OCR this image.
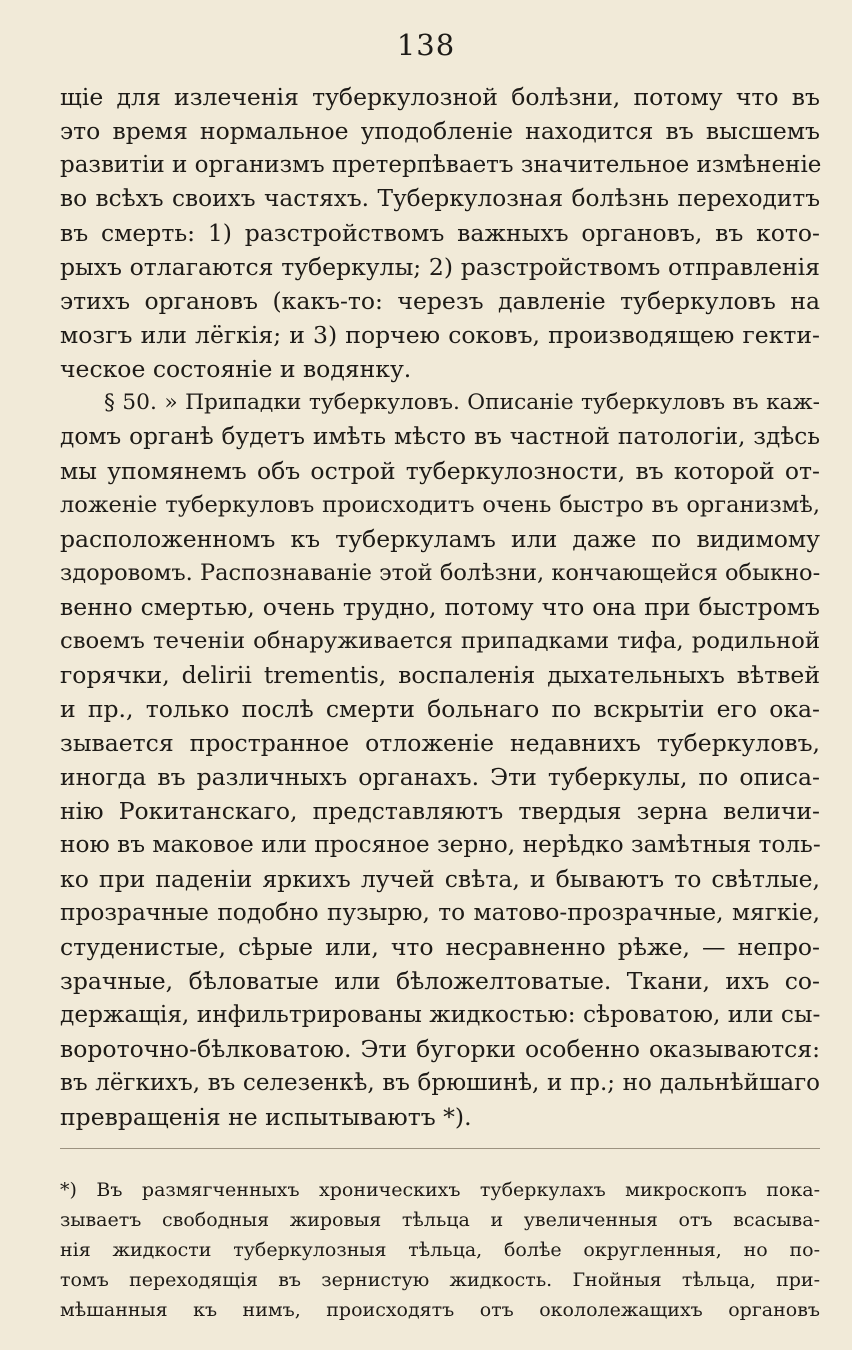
138
щіе для излеченія туберкулозной болѣзни, потому что въ
это время нормальное уподобленіе находится въ высшемъ
развитіи и организмъ претерпѣваетъ значительное измѣненіе
во всѣхъ своихъ частяхъ. Туберкулозная болѣзнь переходитъ
въ смерть: 1) разстройствомъ важныхъ органовъ, въ кото-
рыхъ отлагаются туберкулы; 2) разстройствомъ отправленія
этихъ органовъ (какъ-то: черезъ давленіе туберкуловъ на
мозгъ или лёгкія; и 3) порчею соковъ, производящею гекти-
ческое состояніе и водянку.
§ 50. » Припадки туберкуловъ. Описаніе туберкуловъ въ каж-
домъ органѣ будетъ имѣть мѣсто въ частной патологіи, здѣсь
мы упомянемъ объ острой туберкулозности, въ которой от-
ложеніе туберкуловъ происходитъ очень быстро въ организмѣ,
расположенномъ къ туберкуламъ или даже по видимому
здоровомъ. Распознаваніе этой болѣзни, кончающейся обыкно-
венно смертью, очень трудно, потому что она при быстромъ
своемъ теченіи обнаруживается припадками тифа, родильной
горячки, delirii trementis, воспаленія дыхательныхъ вѣтвей
и пр., только послѣ смерти больнаго по вскрытіи его ока-
зывается пространное отложеніе недавнихъ туберкуловъ,
иногда въ различныхъ органахъ. Эти туберкулы, по описа-
нію Рокитанскаго, представляютъ твердыя зерна величи-
ною въ маковое или просяное зерно, нерѣдко замѣтныя толь-
ко при паденіи яркихъ лучей свѣта, и бываютъ то свѣтлые,
прозрачные подобно пузырю, то матово-прозрачные, мягкіе,
студенистые, сѣрые или, что несравненно рѣже, — непро-
зрачные, бѣловатые или бѣложелтоватые. Ткани, ихъ со-
держащія, инфильтрированы жидкостью: сѣроватою, или сы-
воротoчно-бѣлковатою. Эти бугорки особенно оказываются:
въ лёгкихъ, въ селезенкѣ, въ брюшинѣ, и пр.; но дальнѣйшаго
превращенія не испытываютъ *).
*) Въ размягченныхъ хроническихъ туберкулахъ микроскопъ пока-
зываетъ свободныя жировыя тѣльца и увеличенныя отъ всасыва-
нія жидкости туберкулозныя тѣльца, болѣе округленныя, но по-
томъ переходящія въ зернистую жидкость. Гнойныя тѣльца, при-
мѣшанныя къ нимъ, происходятъ отъ окололежащихъ органовъ
